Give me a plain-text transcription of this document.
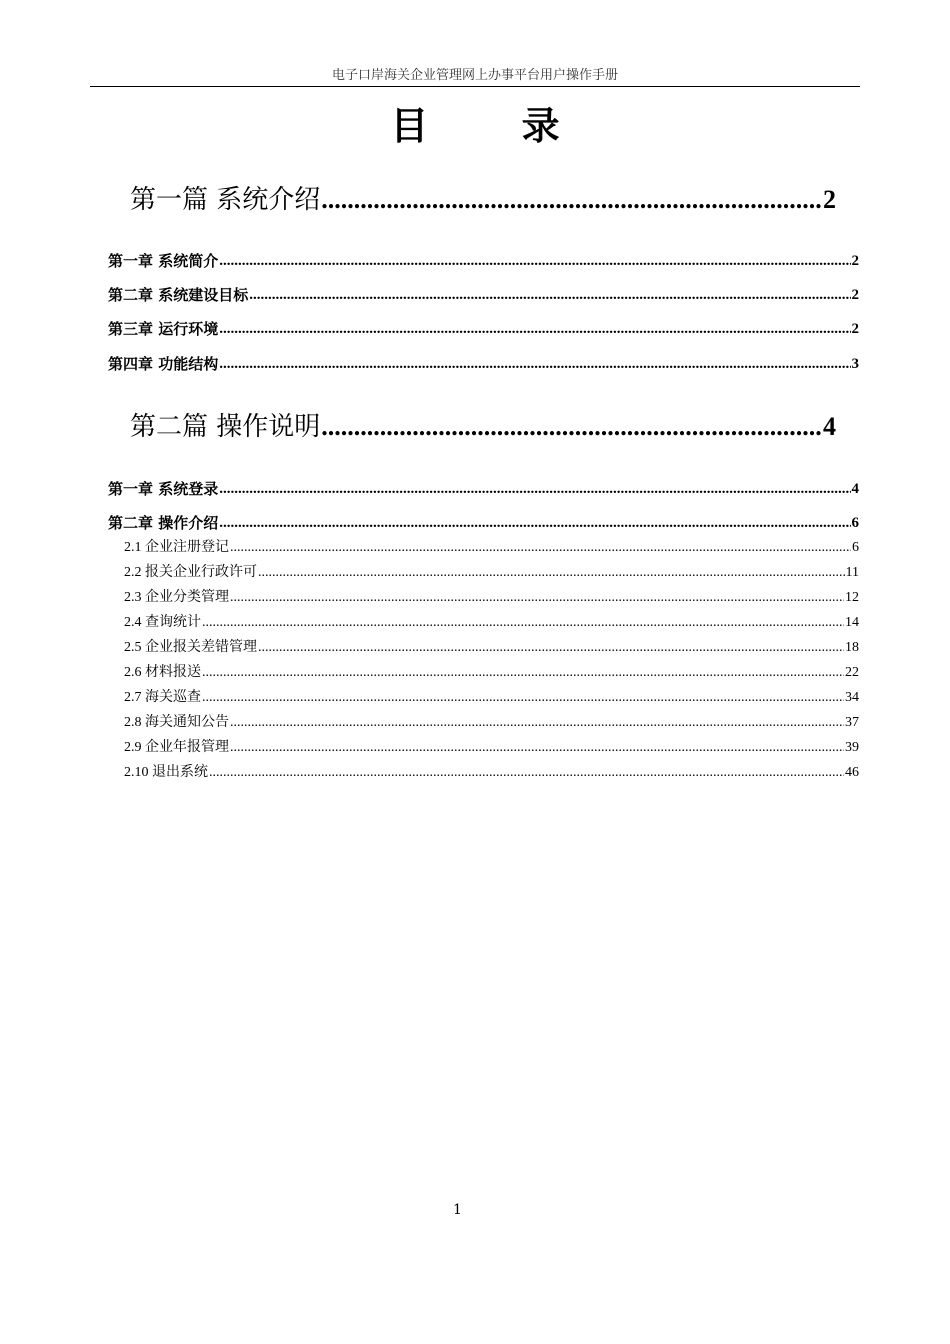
电子口岸海关企业管理网上办事平台用户操作手册
目 录
第一篇 系统介绍 .....	2
第一章 系统简介 .....	2
第二章 系统建设目标 .....	2
第三章 运行环境 .....	2
第四章 功能结构 .....	3
第二篇 操作说明 .....	4
第一章 系统登录 .....	4
第二章 操作介绍 .....	6
2.1 企业注册登记 .....	6
2.2 报关企业行政许可 .....	11
2.3 企业分类管理 .....	12
2.4 查询统计 .....	14
2.5 企业报关差错管理 .....	18
2.6 材料报送 .....	22
2.7 海关巡查 .....	34
2.8 海关通知公告 .....	37
2.9 企业年报管理 .....	39
2.10 退出系统 .....	46
1
